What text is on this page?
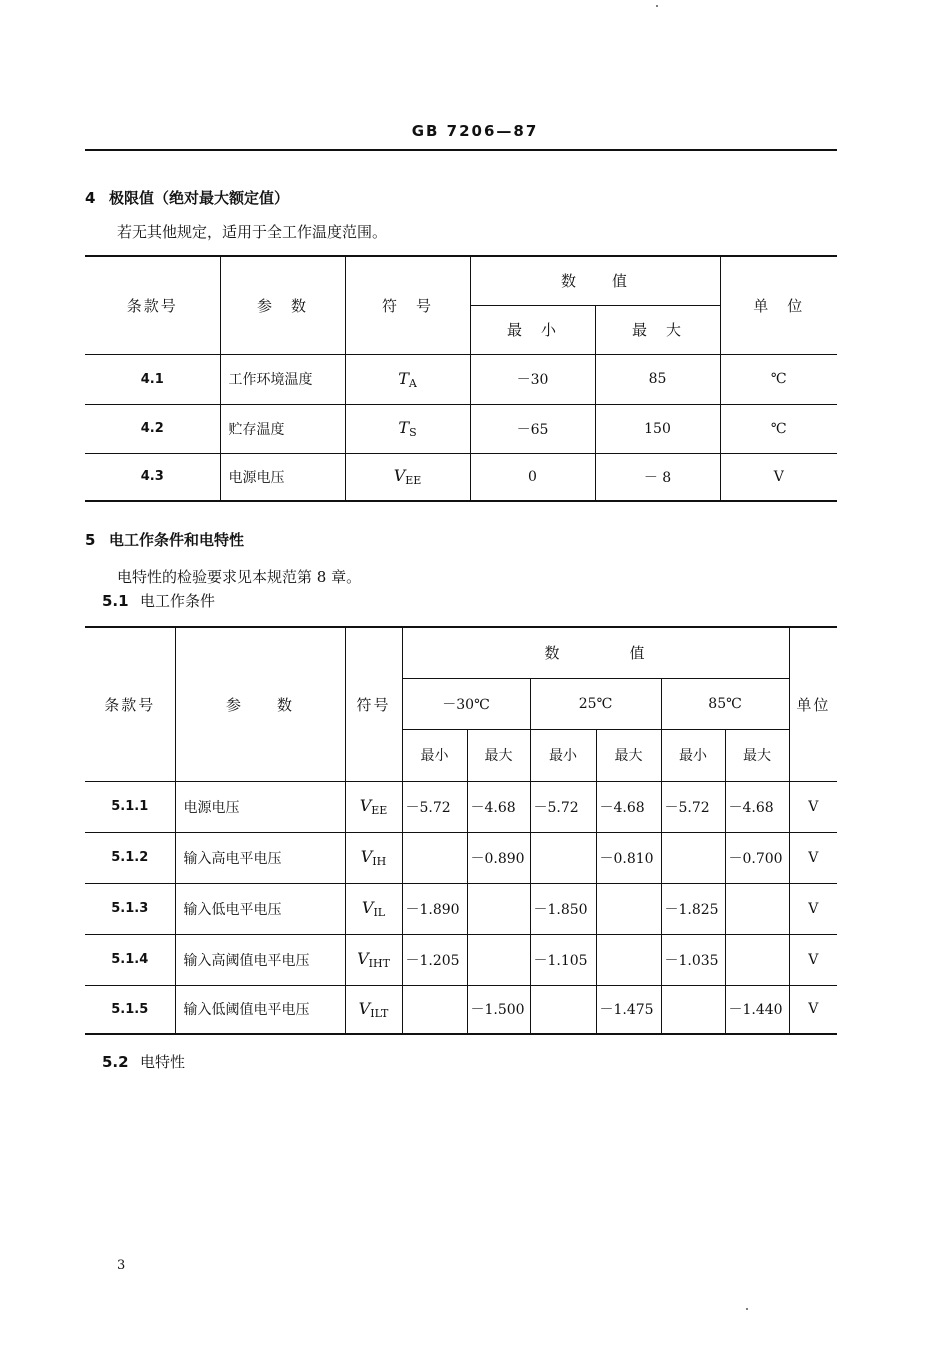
GB 7206—87
4 极限值（绝对最大额定值）
若无其他规定，适用于全工作温度范围。
条款号	参　数	符　号	数　　值		单　位
			最　小	最　大	
4.1	工作环境温度	$T_A$	－30	85	℃
4.2	贮存温度	$T_S$	－65	150	℃
4.3	电源电压	$V_{EE}$	0	－ 8	V
5 电工作条件和电特性
电特性的检验要求见本规范第 8 章。
5.1 电工作条件
条款号	参　　数	符号	数　　　　值						单位
			－30℃		25℃		85℃		
			最小	最大	最小	最大	最小	最大	
5.1.1	电源电压	$V_{EE}$	－5.72	－4.68	－5.72	－4.68	－5.72	－4.68	V
5.1.2	输入高电平电压	$V_{IH}$		－0.890		－0.810		－0.700	V
5.1.3	输入低电平电压	$V_{IL}$	－1.890		－1.850		－1.825		V
5.1.4	输入高阈值电平电压	$V_{IHT}$	－1.205		－1.105		－1.035		V
5.1.5	输入低阈值电平电压	$V_{ILT}$		－1.500		－1.475		－1.440	V
5.2 电特性
3
